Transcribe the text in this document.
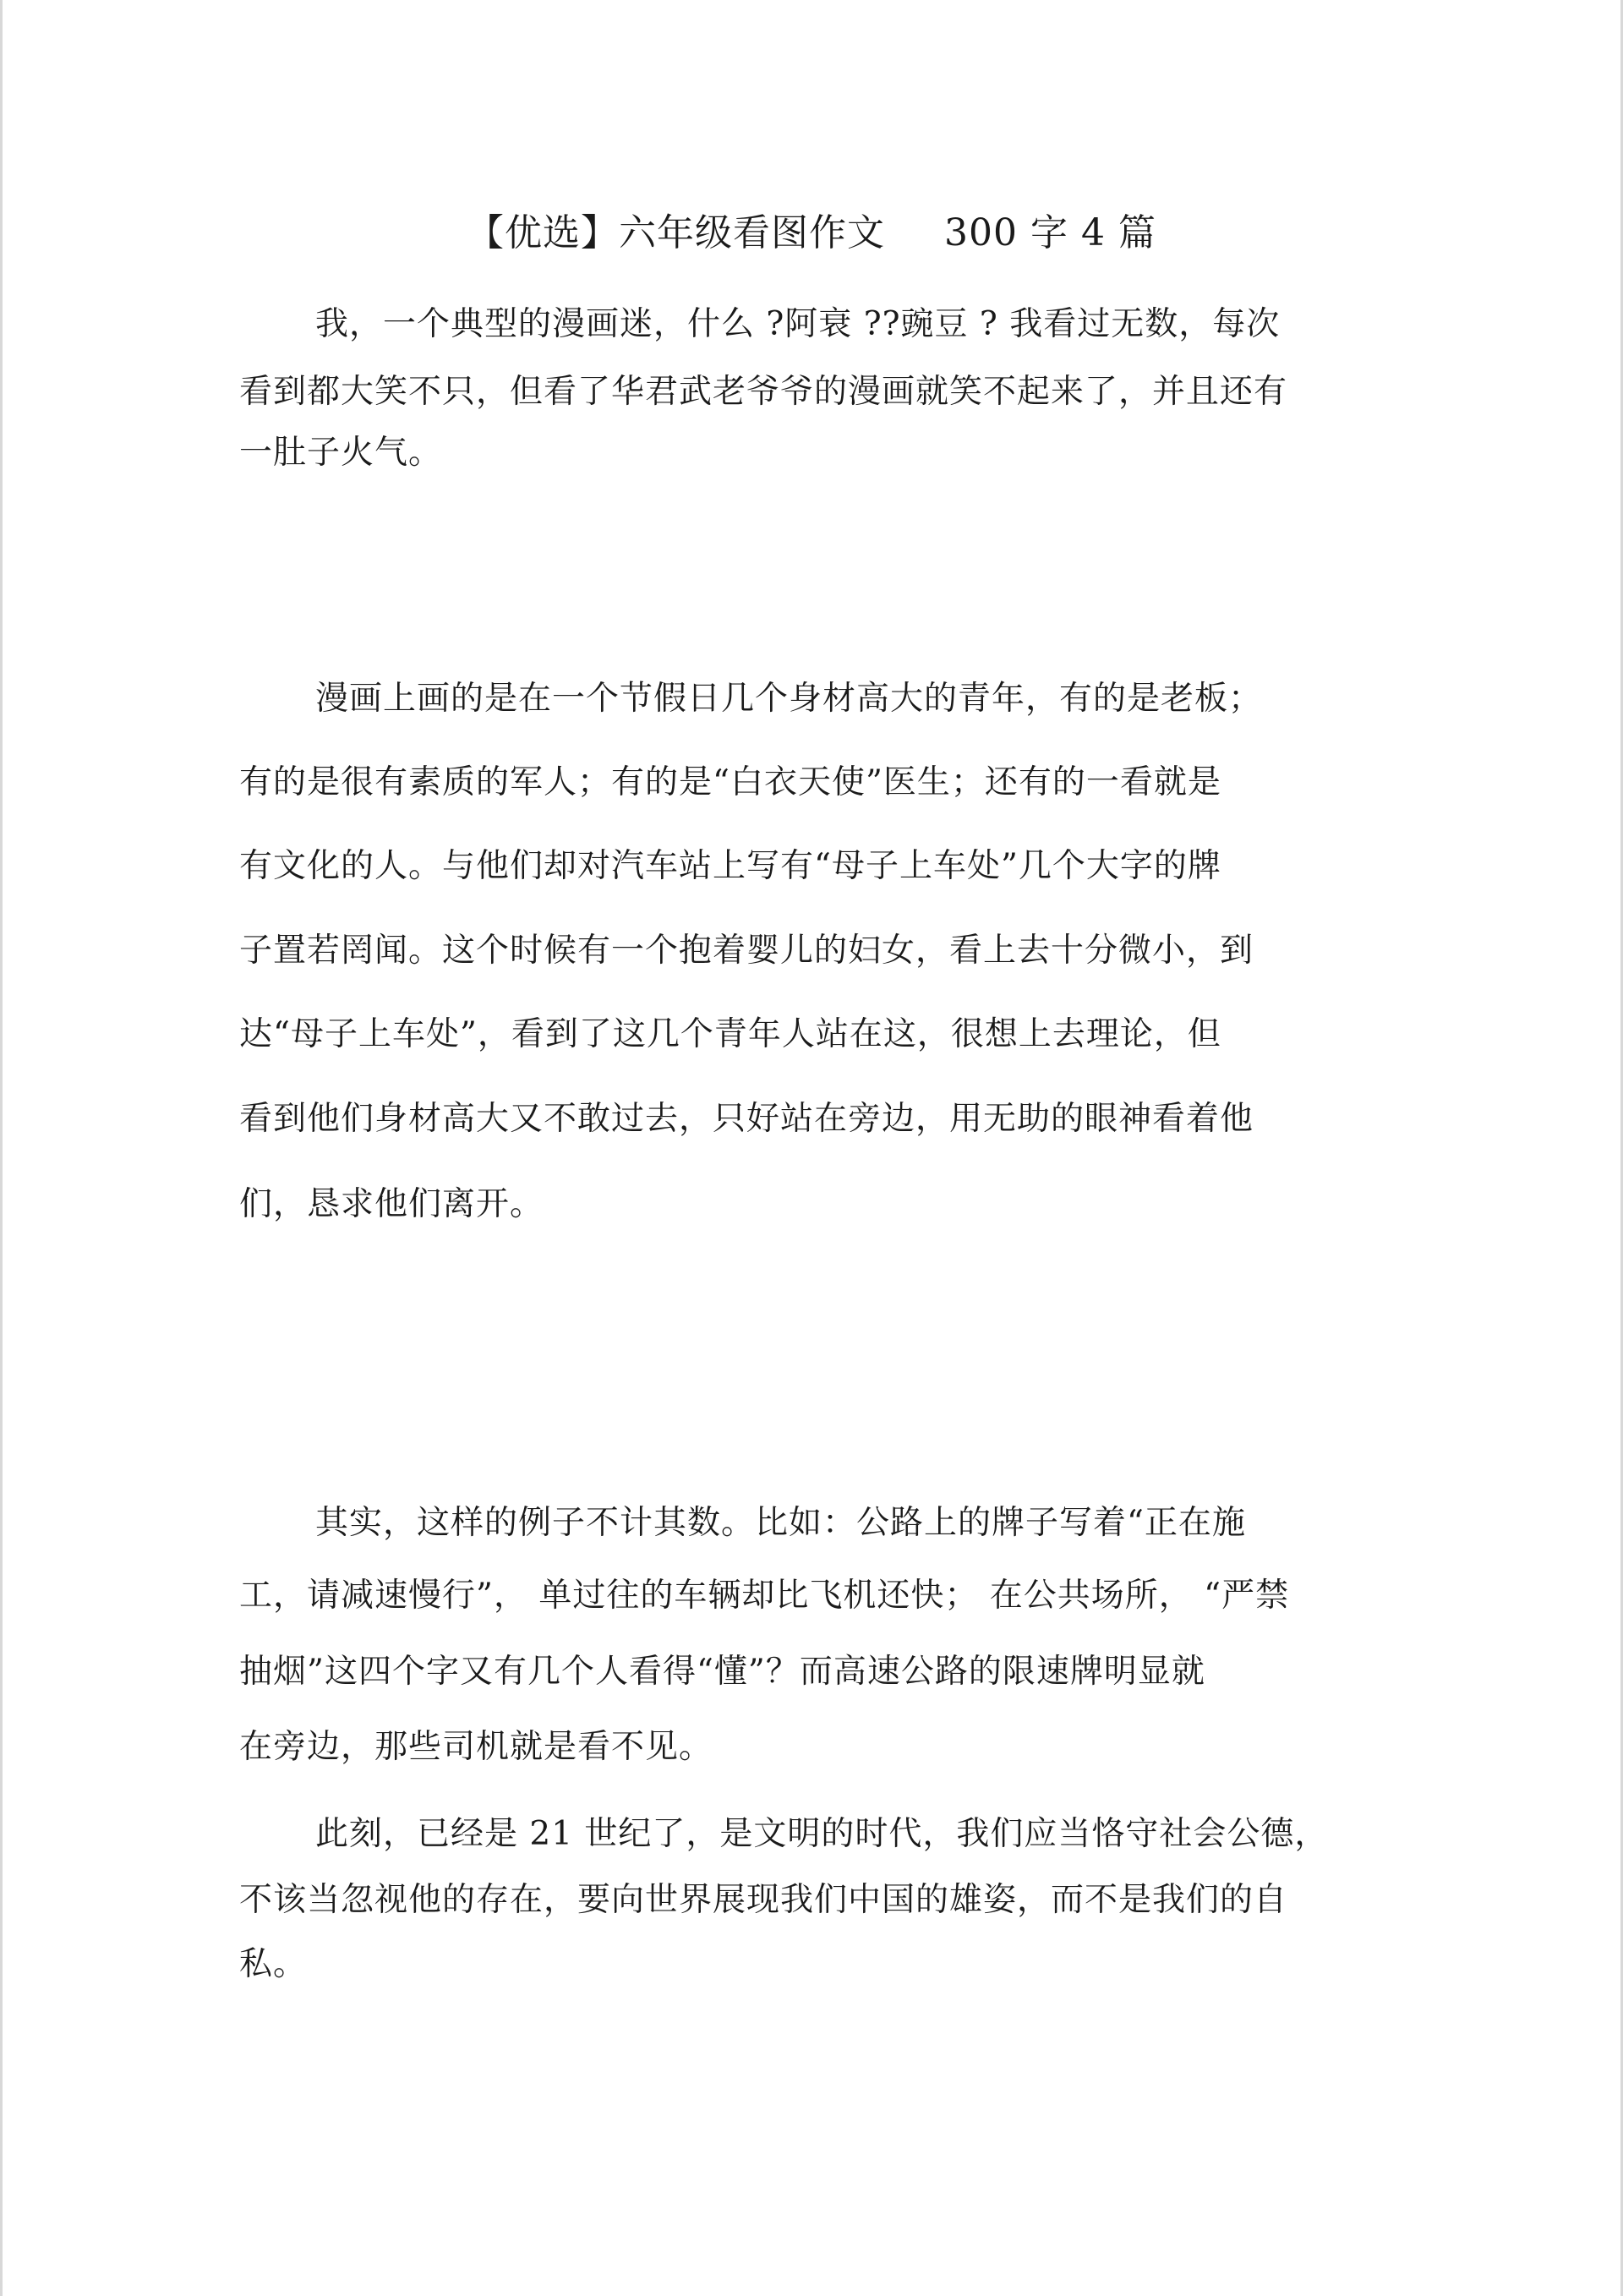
【优选】六年级看图作文 300 字 4 篇
我，一个典型的漫画迷，什么 ?阿衰 ??豌豆 ? 我看过无数，每次
看到都大笑不只，但看了华君武老爷爷的漫画就笑不起来了，并且还有
一肚子火气。
漫画上画的是在一个节假日几个身材高大的青年，有的是老板；
有的是很有素质的军人；有的是“白衣天使”医生；还有的一看就是
有文化的人。与他们却对汽车站上写有“母子上车处”几个大字的牌
子置若罔闻。这个时候有一个抱着婴儿的妇女，看上去十分微小，到
达“母子上车处”，看到了这几个青年人站在这，很想上去理论，但
看到他们身材高大又不敢过去，只好站在旁边，用无助的眼神看着他
们，恳求他们离开。
其实，这样的例子不计其数。比如：公路上的牌子写着“正在施
工，请减速慢行”， 单过往的车辆却比飞机还快； 在公共场所， “严禁
抽烟”这四个字又有几个人看得“懂”？而高速公路的限速牌明显就
在旁边，那些司机就是看不见。
此刻，已经是 21 世纪了，是文明的时代，我们应当恪守社会公德，
不该当忽视他的存在，要向世界展现我们中国的雄姿，而不是我们的自
私。
